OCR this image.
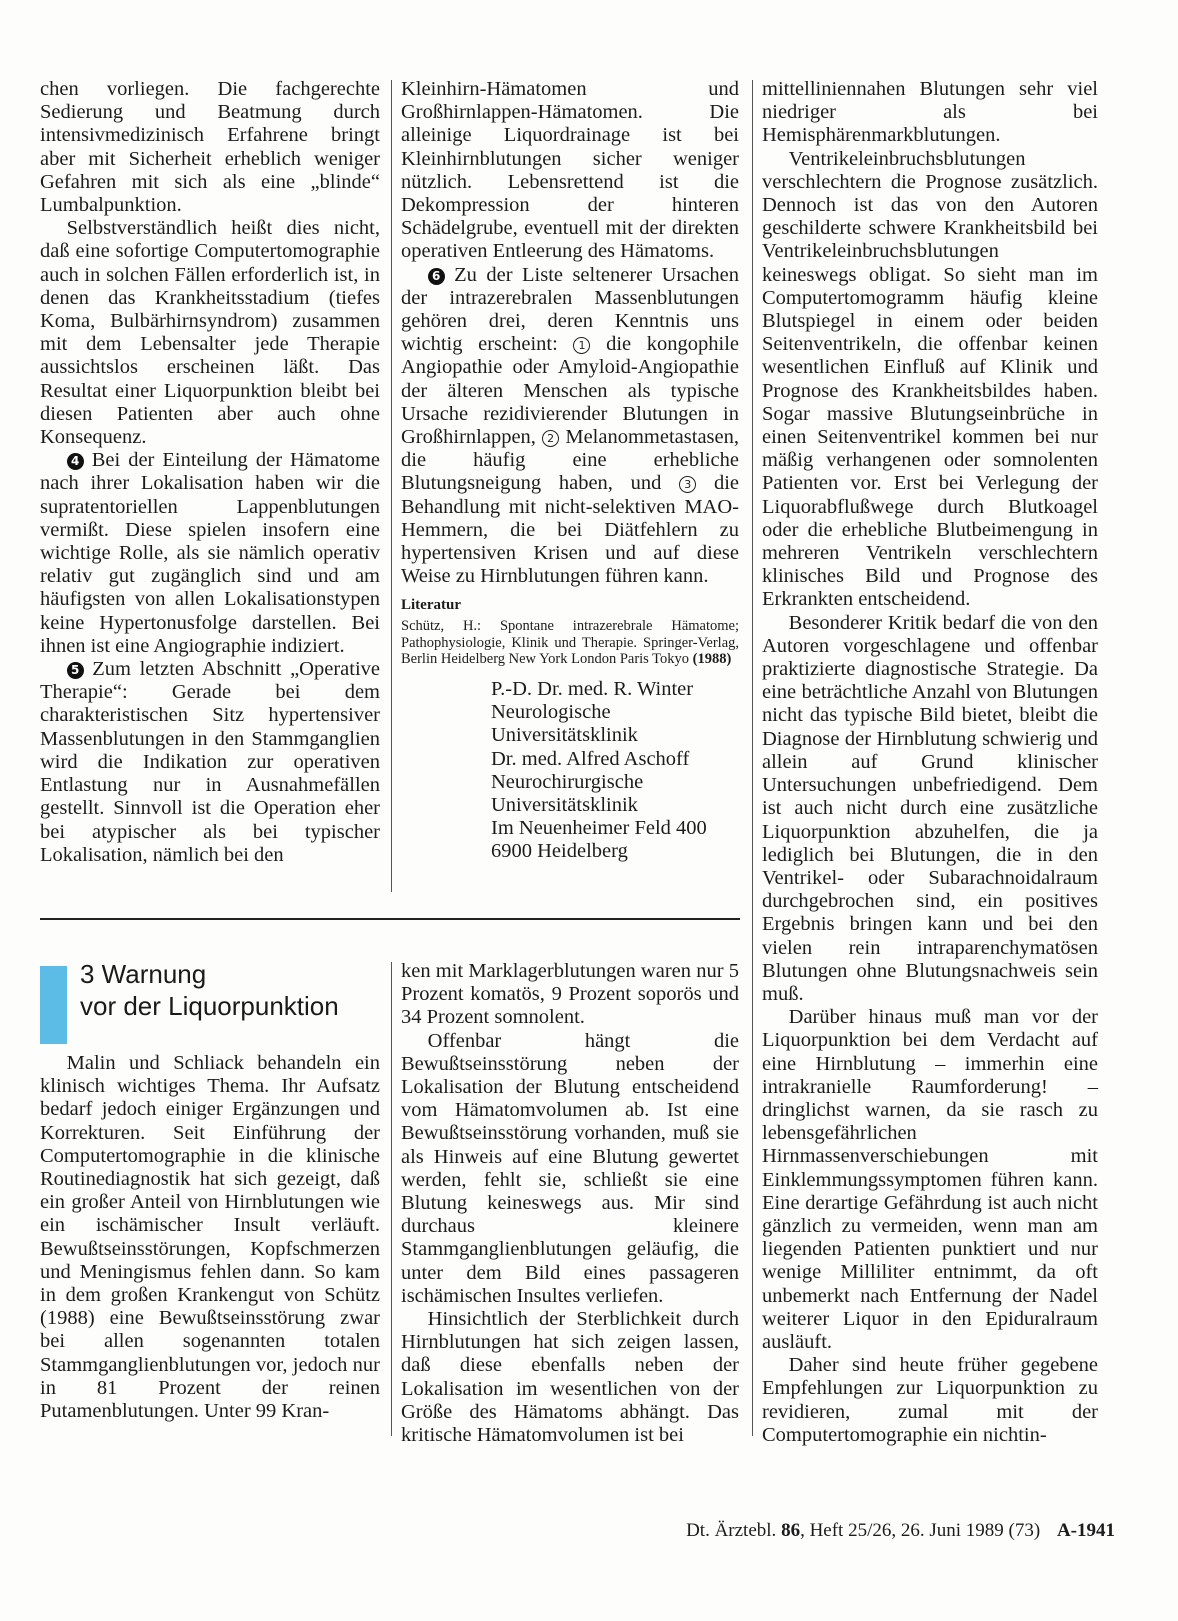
chen vorliegen. Die fachgerechte Sedierung und Beatmung durch intensivmedizinisch Erfahrene bringt aber mit Sicherheit erheblich weniger Gefahren mit sich als eine „blinde“ Lumbalpunktion.

Selbstverständlich heißt dies nicht, daß eine sofortige Computertomographie auch in solchen Fällen erforderlich ist, in denen das Krankheitsstadium (tiefes Koma, Bulbärhirnsyndrom) zusammen mit dem Lebensalter jede Therapie aussichtslos erscheinen läßt. Das Resultat einer Liquorpunktion bleibt bei diesen Patienten aber auch ohne Konsequenz.

4 Bei der Einteilung der Hämatome nach ihrer Lokalisation haben wir die supratentoriellen Lappenblutungen vermißt. Diese spielen insofern eine wichtige Rolle, als sie nämlich operativ relativ gut zugänglich sind und am häufigsten von allen Lokalisationstypen keine Hypertonusfolge darstellen. Bei ihnen ist eine Angiographie indiziert.

5 Zum letzten Abschnitt „Operative Therapie“: Gerade bei dem charakteristischen Sitz hypertensiver Massenblutungen in den Stammganglien wird die Indikation zur operativen Entlastung nur in Ausnahmefällen gestellt. Sinnvoll ist die Operation eher bei atypischer als bei typischer Lokalisation, nämlich bei den

Kleinhirn-Hämatomen und Großhirnlappen-Hämatomen. Die alleinige Liquordrainage ist bei Kleinhirnblutungen sicher weniger nützlich. Lebensrettend ist die Dekompression der hinteren Schädelgrube, eventuell mit der direkten operativen Entleerung des Hämatoms.

6 Zu der Liste seltenerer Ursachen der intrazerebralen Massenblutungen gehören drei, deren Kenntnis uns wichtig erscheint: 1 die kongophile Angiopathie oder Amyloid-Angiopathie der älteren Menschen als typische Ursache rezidivierender Blutungen in Großhirnlappen, 2 Melanommetastasen, die häufig eine erhebliche Blutungsneigung haben, und 3 die Behandlung mit nicht-selektiven MAO-Hemmern, die bei Diätfehlern zu hypertensiven Krisen und auf diese Weise zu Hirnblutungen führen kann.

Literatur

Schütz, H.: Spontane intrazerebrale Hämatome; Pathophysiologie, Klinik und Therapie. Springer-Verlag, Berlin Heidelberg New York London Paris Tokyo (1988)

P.-D. Dr. med. R. Winter
Neurologische
Universitätsklinik
Dr. med. Alfred Aschoff
Neurochirurgische
Universitätsklinik
Im Neuenheimer Feld 400
6900 Heidelberg
3 Warnung
vor der Liquorpunktion

Malin und Schliack behandeln ein klinisch wichtiges Thema. Ihr Aufsatz bedarf jedoch einiger Ergänzungen und Korrekturen. Seit Einführung der Computertomographie in die klinische Routinediagnostik hat sich gezeigt, daß ein großer Anteil von Hirnblutungen wie ein ischämischer Insult verläuft. Bewußtseinsstörungen, Kopfschmerzen und Meningismus fehlen dann. So kam in dem großen Krankengut von Schütz (1988) eine Bewußtseinsstörung zwar bei allen sogenannten totalen Stammganglienblutungen vor, jedoch nur in 81 Prozent der reinen Putamenblutungen. Unter 99 Kran-

ken mit Marklagerblutungen waren nur 5 Prozent komatös, 9 Prozent soporös und 34 Prozent somnolent.

Offenbar hängt die Bewußtseinsstörung neben der Lokalisation der Blutung entscheidend vom Hämatomvolumen ab. Ist eine Bewußtseinsstörung vorhanden, muß sie als Hinweis auf eine Blutung gewertet werden, fehlt sie, schließt sie eine Blutung keineswegs aus. Mir sind durchaus kleinere Stammganglienblutungen geläufig, die unter dem Bild eines passageren ischämischen Insultes verliefen.

Hinsichtlich der Sterblichkeit durch Hirnblutungen hat sich zeigen lassen, daß diese ebenfalls neben der Lokalisation im wesentlichen von der Größe des Hämatoms abhängt. Das kritische Hämatomvolumen ist bei

mittelliniennahen Blutungen sehr viel niedriger als bei Hemisphärenmarkblutungen.

Ventrikeleinbruchsblutungen verschlechtern die Prognose zusätzlich. Dennoch ist das von den Autoren geschilderte schwere Krankheitsbild bei Ventrikeleinbruchsblutungen keineswegs obligat. So sieht man im Computertomogramm häufig kleine Blutspiegel in einem oder beiden Seitenventrikeln, die offenbar keinen wesentlichen Einfluß auf Klinik und Prognose des Krankheitsbildes haben. Sogar massive Blutungseinbrüche in einen Seitenventrikel kommen bei nur mäßig verhangenen oder somnolenten Patienten vor. Erst bei Verlegung der Liquorabflußwege durch Blutkoagel oder die erhebliche Blutbeimengung in mehreren Ventrikeln verschlechtern klinisches Bild und Prognose des Erkrankten entscheidend.

Besonderer Kritik bedarf die von den Autoren vorgeschlagene und offenbar praktizierte diagnostische Strategie. Da eine beträchtliche Anzahl von Blutungen nicht das typische Bild bietet, bleibt die Diagnose der Hirnblutung schwierig und allein auf Grund klinischer Untersuchungen unbefriedigend. Dem ist auch nicht durch eine zusätzliche Liquorpunktion abzuhelfen, die ja lediglich bei Blutungen, die in den Ventrikel- oder Subarachnoidalraum durchgebrochen sind, ein positives Ergebnis bringen kann und bei den vielen rein intraparenchymatösen Blutungen ohne Blutungsnachweis sein muß.

Darüber hinaus muß man vor der Liquorpunktion bei dem Verdacht auf eine Hirnblutung – immerhin eine intrakranielle Raumforderung! – dringlichst warnen, da sie rasch zu lebensgefährlichen Hirnmassenverschiebungen mit Einklemmungssymptomen führen kann. Eine derartige Gefährdung ist auch nicht gänzlich zu vermeiden, wenn man am liegenden Patienten punktiert und nur wenige Milliliter entnimmt, da oft unbemerkt nach Entfernung der Nadel weiterer Liquor in den Epiduralraum ausläuft.

Daher sind heute früher gegebene Empfehlungen zur Liquorpunktion zu revidieren, zumal mit der Computertomographie ein nichtin-

Dt. Ärztebl. 86, Heft 25/26, 26. Juni 1989 (73) A-1941
